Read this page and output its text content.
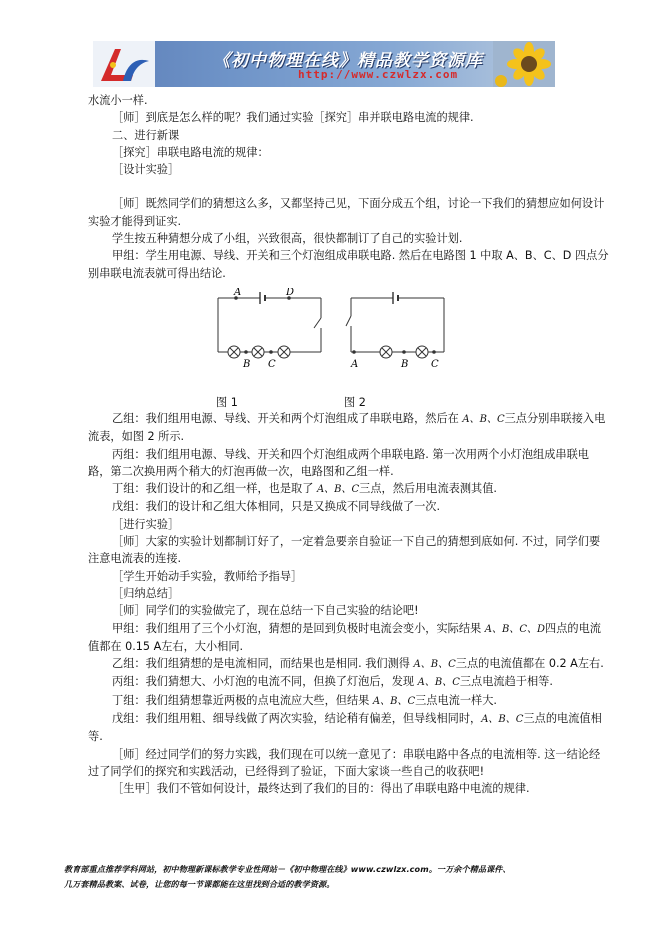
《初中物理在线》精品教学资源库
http://www.czwlzx.com

水流小一样.

［师］到底是怎么样的呢？我们通过实验［探究］串并联电路电流的规律.

二、进行新课

［探究］串联电路电流的规律：

［设计实验］

［师］既然同学们的猜想这么多，又都坚持己见，下面分成五个组，讨论一下我们的猜想应如何设计实验才能得到证实.

学生按五种猜想分成了小组，兴致很高，很快都制订了自己的实验计划.

甲组：学生用电源、导线、开关和三个灯泡组成串联电路. 然后在电路图 1 中取 A、B、C、D 四点分别串联电流表就可得出结论.

A	D
B C	A	B C
图 1	图 2

乙组：我们组用电源、导线、开关和两个灯泡组成了串联电路，然后在 A、B、C三点分别串联接入电流表，如图 2 所示.

丙组：我们组用电源、导线、开关和四个灯泡组成两个串联电路. 第一次用两个小灯泡组成串联电路，第二次换用两个稍大的灯泡再做一次，电路图和乙组一样.

丁组：我们设计的和乙组一样，也是取了 A、B、C三点，然后用电流表测其值.

戊组：我们的设计和乙组大体相同，只是又换成不同导线做了一次.

［进行实验］

［师］大家的实验计划都制订好了，一定着急要亲自验证一下自己的猜想到底如何. 不过，同学们要注意电流表的连接.

［学生开始动手实验，教师给予指导］

［归纳总结］

［师］同学们的实验做完了，现在总结一下自己实验的结论吧!

甲组：我们组用了三个小灯泡，猜想的是回到负极时电流会变小，实际结果 A、B、C、D四点的电流值都在 0.15 A左右，大小相同.

乙组：我们组猜想的是电流相同，而结果也是相同. 我们测得 A、B、C三点的电流值都在 0.2 A左右.

丙组：我们猜想大、小灯泡的电流不同，但换了灯泡后，发现 A、B、C三点电流趋于相等.

丁组：我们组猜想靠近两极的点电流应大些，但结果 A、B、C三点电流一样大.

戊组：我们组用粗、细导线做了两次实验，结论稍有偏差，但导线相同时，A、B、C三点的电流值相等.

［师］经过同学们的努力实践，我们现在可以统一意见了：串联电路中各点的电流相等. 这一结论经过了同学们的探究和实践活动，已经得到了验证，下面大家谈一些自己的收获吧!

［生甲］我们不管如何设计，最终达到了我们的目的：得出了串联电路中电流的规律.

教育部重点推荐学科网站，初中物理新课标教学专业性网站－《初中物理在线》www.czwlzx.com。一万余个精品课件、
几万套精品教案、试卷，让您的每一节课都能在这里找到合适的教学资源。
